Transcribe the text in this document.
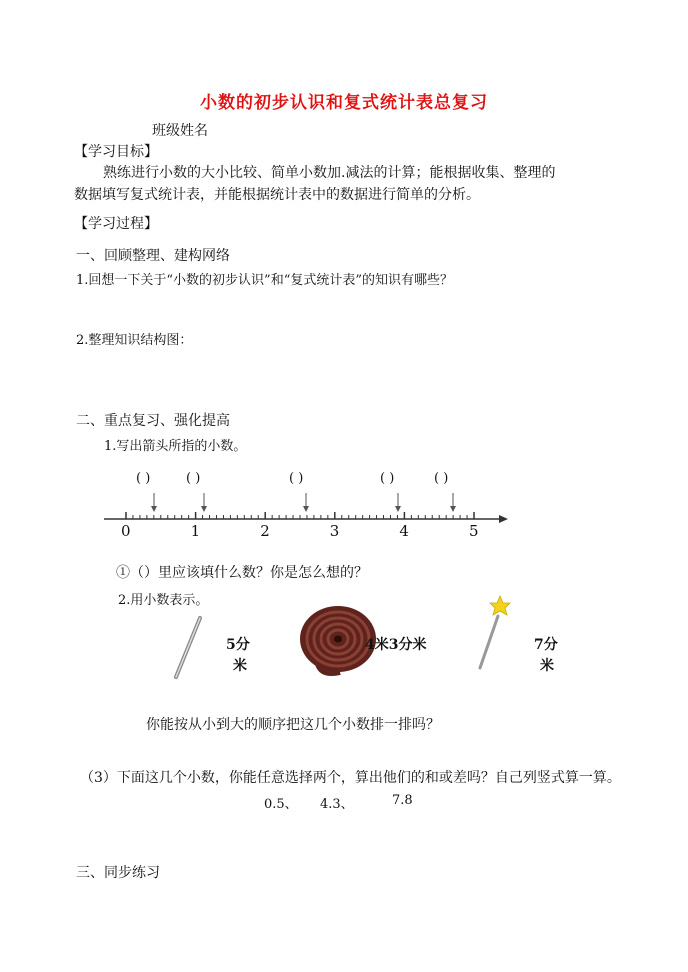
小数的初步认识和复式统计表总复习
班级姓名
【学习目标】
熟练进行小数的大小比较、简单小数加.减法的计算；能根据收集、整理的
数据填写复式统计表，并能根据统计表中的数据进行简单的分析。
【学习过程】
一、回顾整理、建构网络
1.回想一下关于“小数的初步认识”和“复式统计表”的知识有哪些？
2.整理知识结构图：
二、重点复习、强化提高
1.写出箭头所指的小数。
( )	( )	( )	( )	( )
0	1	2	3	4	5
①（）里应该填什么数？你是怎么想的？
2.用小数表示。
5分
米
4米3分米	7分
米
你能按从小到大的顺序把这几个小数排一排吗？
（3）下面这几个小数，你能任意选择两个，算出他们的和或差吗？自己列竖式算一算。
0.5、 4.3、	7.8
三、同步练习
